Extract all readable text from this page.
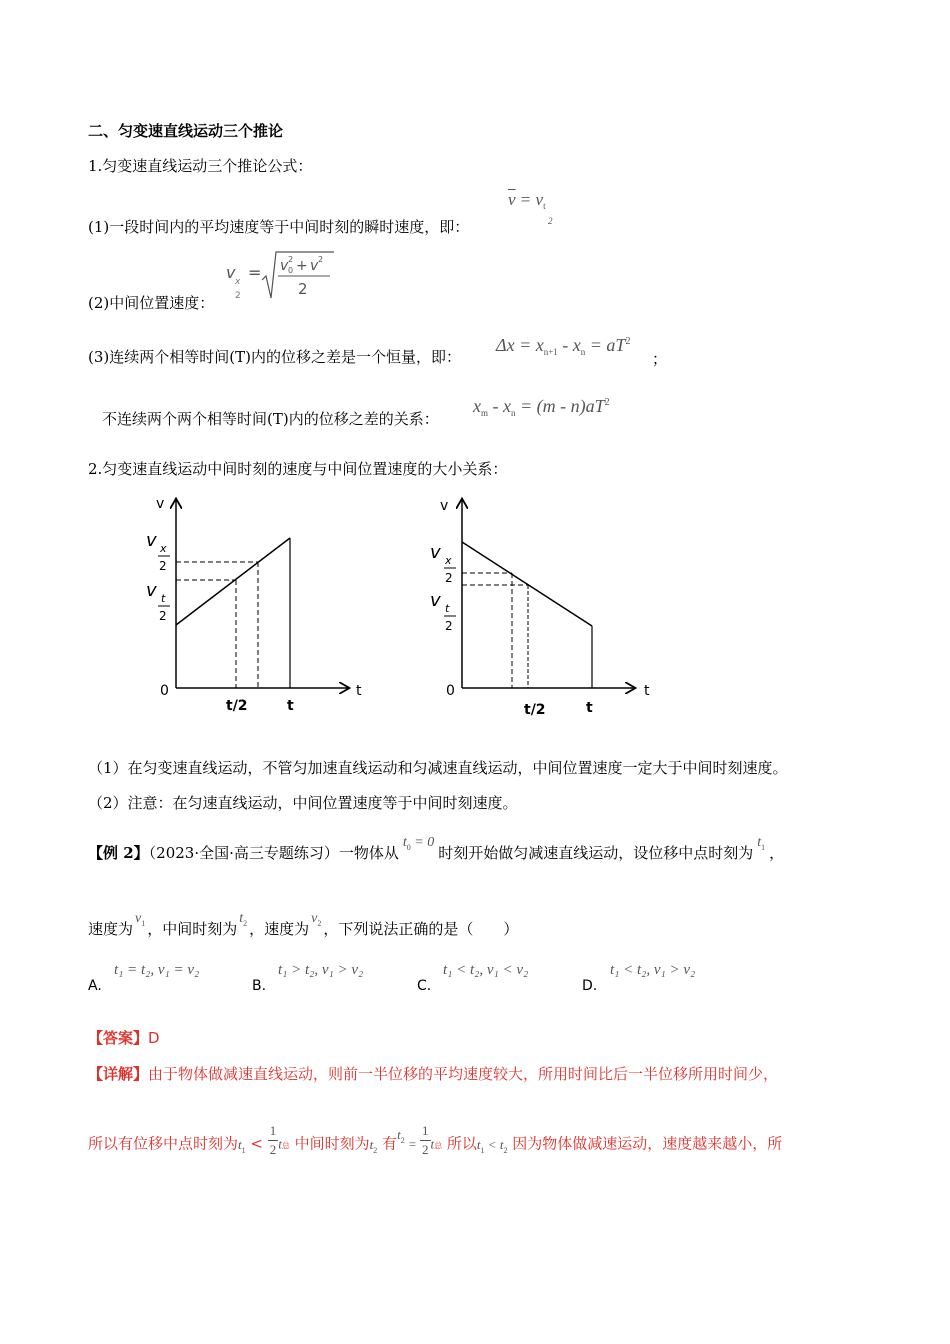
二、匀变速直线运动三个推论
1.匀变速直线运动三个推论公式：
$\overline{v} = v_t$
2
(1)一段时间内的平均速度等于中间时刻的瞬时速度，即：
v x
2
= v 2
0 + v 2
2
(2)中间位置速度：
(3)连续两个相等时间(T)内的位移之差是一个恒量，即：
$\Delta x = x_{n+1} - x_n = aT^2$
；
不连续两个两个相等时间(T)内的位移之差的关系：
$x_m - x_n = (m - n)aT^2$
2.匀变速直线运动中间时刻的速度与中间位置速度的大小关系：
v
t
0
v x
2
v t
2
t/2	t
v
t
0
v x
2
v t
2
t/2	t
（1）在匀变速直线运动，不管匀加速直线运动和匀减速直线运动，中间位置速度一定大于中间时刻速度。
（2）注意：在匀速直线运动，中间位置速度等于中间时刻速度。
【例 2】（2023·全国·高三专题练习）一物体从$t_0 = 0$时刻开始做匀减速直线运动，设位移中点时刻为$t_1$ ，
速度为$v_1$ ，中间时刻为$t_2$ ，速度为$v_2$ ，下列说法正确的是（　　）
A.
t₁ = t₂, v₁ = v₂
B.
t₁ > t₂, v₁ > v₂
C.
t₁ < t₂, v₁ < v₂
D.
t₁ < t₂, v₁ > v₂
【答案】D
【详解】由于物体做减速直线运动，则前一半位移的平均速度较大，所用时间比后一半位移所用时间少，
所以有位移中点时刻为$t_1 < \frac{1}{2}$ t总 中间时刻为$t_2$ 有$t_2 = \frac{1}{2}$ t总 所以$t_1 < t_2$ 因为物体做减速运动，速度越来越小，所
